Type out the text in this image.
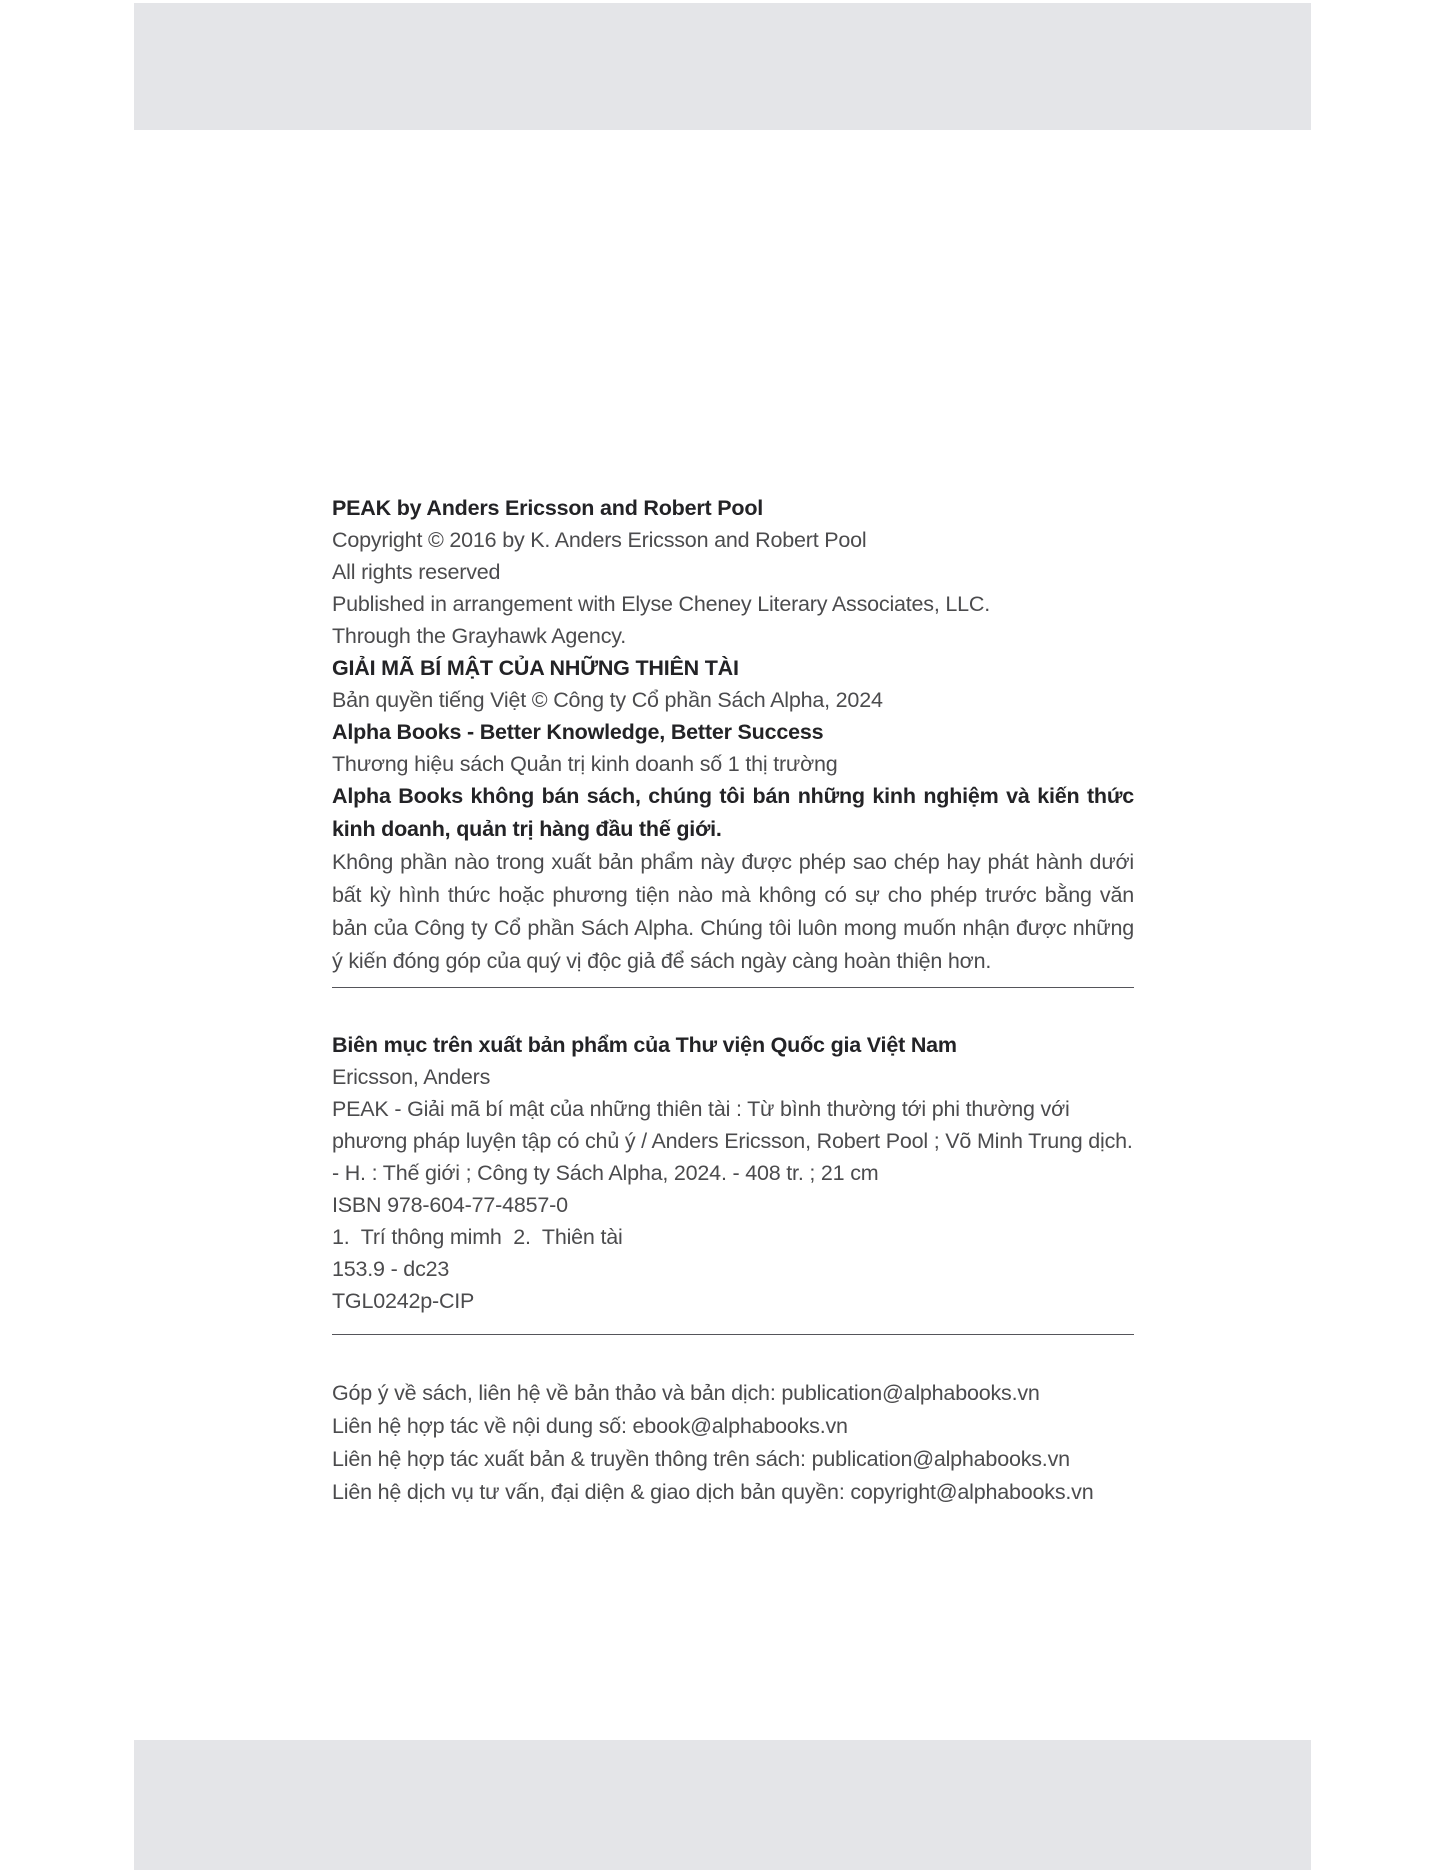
PEAK by Anders Ericsson and Robert Pool

Copyright © 2016 by K. Anders Ericsson and Robert Pool

All rights reserved

Published in arrangement with Elyse Cheney Literary Associates, LLC.

Through the Grayhawk Agency.

GIẢI MÃ BÍ MẬT CỦA NHỮNG THIÊN TÀI

Bản quyền tiếng Việt © Công ty Cổ phần Sách Alpha, 2024

Alpha Books - Better Knowledge, Better Success

Thương hiệu sách Quản trị kinh doanh số 1 thị trường

Alpha Books không bán sách, chúng tôi bán những kinh nghiệm và kiến thức kinh doanh, quản trị hàng đầu thế giới.

Không phần nào trong xuất bản phẩm này được phép sao chép hay phát hành dưới bất kỳ hình thức hoặc phương tiện nào mà không có sự cho phép trước bằng văn bản của Công ty Cổ phần Sách Alpha. Chúng tôi luôn mong muốn nhận được những ý kiến đóng góp của quý vị độc giả để sách ngày càng hoàn thiện hơn.

Biên mục trên xuất bản phẩm của Thư viện Quốc gia Việt Nam

Ericsson, Anders

PEAK - Giải mã bí mật của những thiên tài : Từ bình thường tới phi thường với phương pháp luyện tập có chủ ý / Anders Ericsson, Robert Pool ; Võ Minh Trung dịch. - H. : Thế giới ; Công ty Sách Alpha, 2024. - 408 tr. ; 21 cm

ISBN 978-604-77-4857-0

1.  Trí thông mimh  2.  Thiên tài

153.9 - dc23

TGL0242p-CIP

Góp ý về sách, liên hệ về bản thảo và bản dịch: publication@alphabooks.vn

Liên hệ hợp tác về nội dung số: ebook@alphabooks.vn

Liên hệ hợp tác xuất bản & truyền thông trên sách: publication@alphabooks.vn

Liên hệ dịch vụ tư vấn, đại diện & giao dịch bản quyền: copyright@alphabooks.vn
